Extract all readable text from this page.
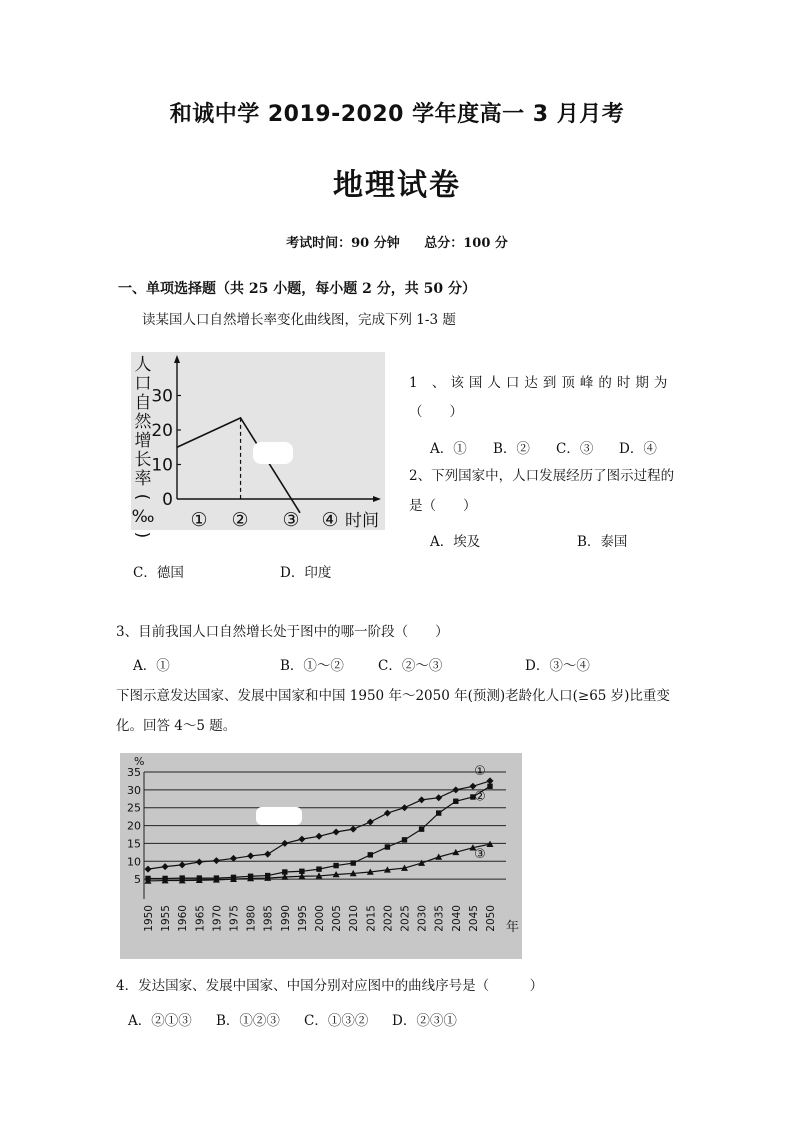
和诚中学 2019-2020 学年度高一 3 月月考
地理试卷
考试时间：90 分钟 总分：100 分
一、单项选择题（共 25 小题，每小题 2 分，共 50 分）
读某国人口自然增长率变化曲线图，完成下列 1-3 题
人
口
自
然
增
长
率
(
‰
)
0
10
20
30
① ② ③ ④ 时间
1 、该国人口达到顶峰的时期为
（　　）
A．① B．② C．③ D．④
2、下列国家中，人口发展经历了图示过程的
是（　　）
A．埃及	B．泰国
C．德国	D．印度
3、目前我国人口自然增长处于图中的哪一阶段（　　）
A．①	B．①～②	C．②～③	D．③～④
下图示意发达国家、发展中国家和中国 1950 年～2050 年(预测)老龄化人口(≥65 岁)比重变
化。回答 4～5 题。
5
10
15
20
25
30
35
%
年
1950 1955 1960 1965 1970 1975 1980 1985 1990 1995 2000 2005 2010 2015 2020 2025 2030 2035 2040 2045 2050
①
②
③
4．发达国家、发展中国家、中国分别对应图中的曲线序号是（　　　）
A．②①③ B．①②③ C．①③② D．②③①
